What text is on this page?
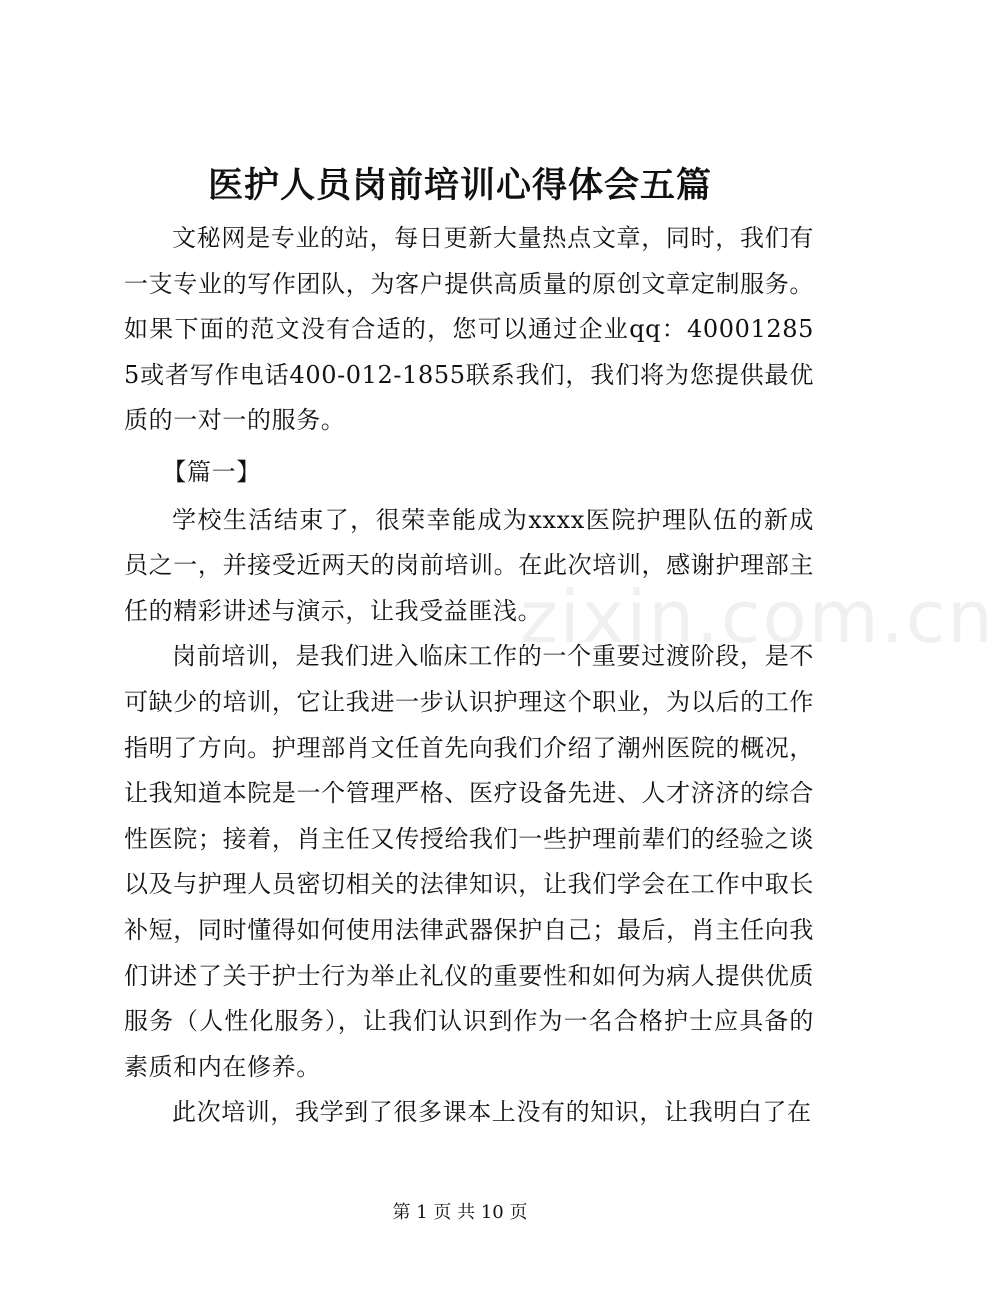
医护人员岗前培训心得体会五篇

文秘网是专业的站，每日更新大量热点文章，同时，我们有一支专业的写作团队，为客户提供高质量的原创文章定制服务。如果下面的范文没有合适的，您可以通过企业qq：400012855或者写作电话400-012-1855联系我们，我们将为您提供最优质的一对一的服务。

【篇一】

学校生活结束了，很荣幸能成为xxxx医院护理队伍的新成员之一，并接受近两天的岗前培训。在此次培训，感谢护理部主任的精彩讲述与演示，让我受益匪浅。

岗前培训，是我们进入临床工作的一个重要过渡阶段，是不可缺少的培训，它让我进一步认识护理这个职业，为以后的工作指明了方向。护理部肖文任首先向我们介绍了潮州医院的概况，让我知道本院是一个管理严格、医疗设备先进、人才济济的综合性医院；接着，肖主任又传授给我们一些护理前辈们的经验之谈以及与护理人员密切相关的法律知识，让我们学会在工作中取长补短，同时懂得如何使用法律武器保护自己；最后，肖主任向我们讲述了关于护士行为举止礼仪的重要性和如何为病人提供优质服务（人性化服务），让我们认识到作为一名合格护士应具备的素质和内在修养。

此次培训，我学到了很多课本上没有的知识，让我明白了在

zixin.com.cn
第 1 页 共 10 页
